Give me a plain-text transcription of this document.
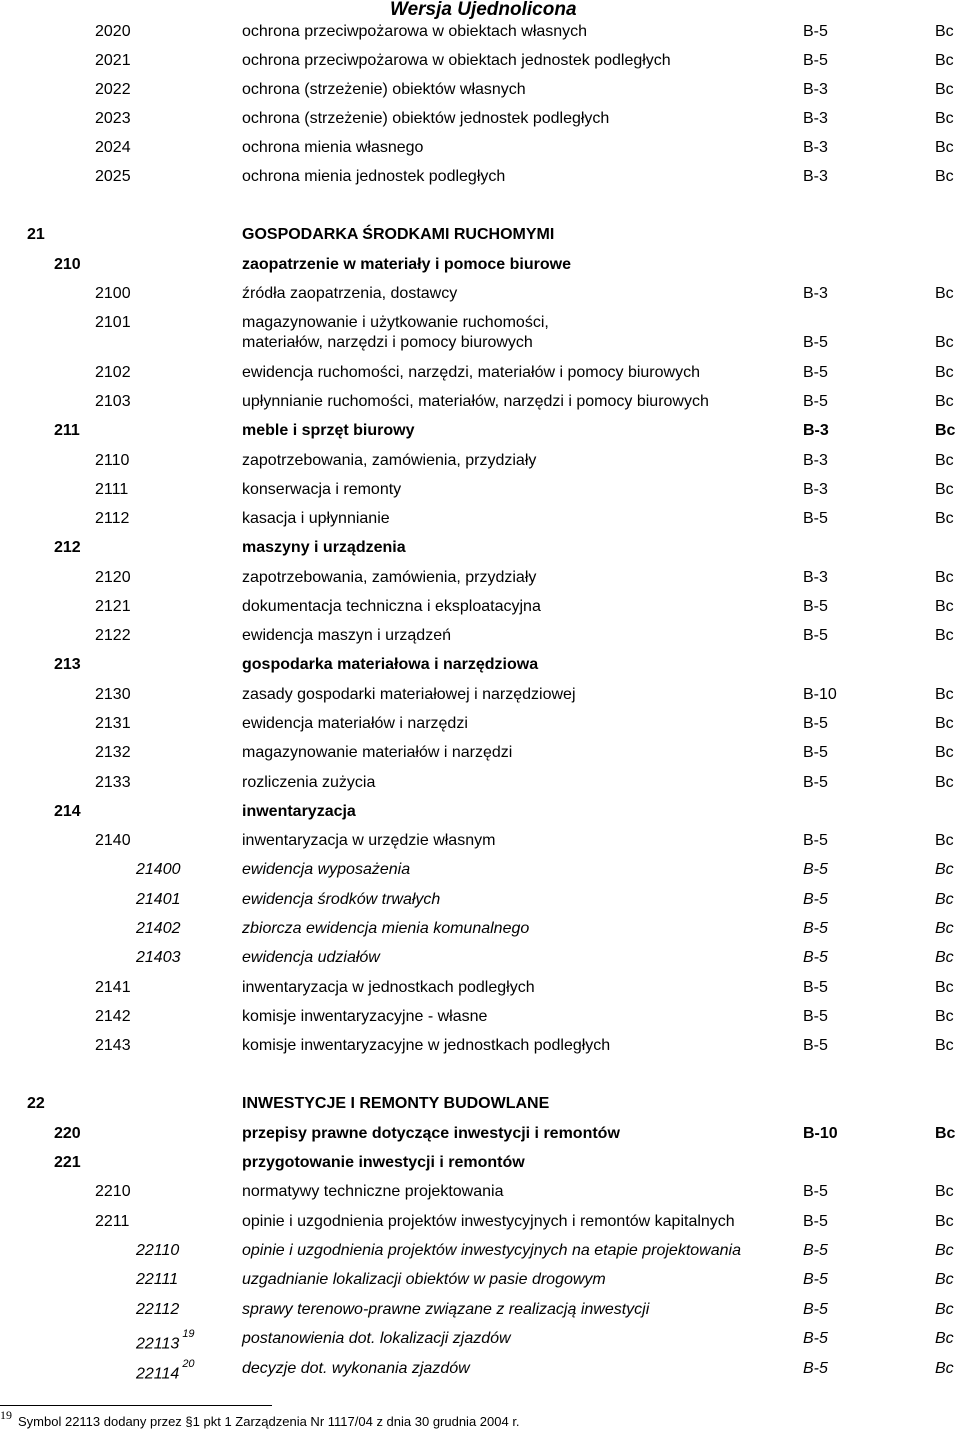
Wersja Ujednolicona
2020	ochrona przeciwpożarowa w obiektach własnych	B-5	Bc
2021	ochrona przeciwpożarowa w obiektach jednostek podległych	B-5	Bc
2022	ochrona (strzeżenie) obiektów własnych	B-3	Bc
2023	ochrona (strzeżenie) obiektów jednostek podległych	B-3	Bc
2024	ochrona mienia własnego	B-3	Bc
2025	ochrona mienia jednostek podległych	B-3	Bc
21	GOSPODARKA ŚRODKAMI RUCHOMYMI
210	zaopatrzenie w materiały i pomoce biurowe
2100	źródła zaopatrzenia, dostawcy	B-3	Bc
2101	magazynowanie i użytkowanie ruchomości,
materiałów, narzędzi i pomocy biurowych	B-5	Bc
2102	ewidencja ruchomości, narzędzi, materiałów i pomocy biurowych	B-5	Bc
2103	upłynnianie ruchomości, materiałów, narzędzi i pomocy biurowych	B-5	Bc
211	meble i sprzęt biurowy	B-3	Bc
2110	zapotrzebowania, zamówienia, przydziały	B-3	Bc
2111	konserwacja i remonty	B-3	Bc
2112	kasacja i upłynnianie	B-5	Bc
212	maszyny i urządzenia
2120	zapotrzebowania, zamówienia, przydziały	B-3	Bc
2121	dokumentacja techniczna i eksploatacyjna	B-5	Bc
2122	ewidencja maszyn i urządzeń	B-5	Bc
213	gospodarka materiałowa i narzędziowa
2130	zasady gospodarki materiałowej i narzędziowej	B-10	Bc
2131	ewidencja materiałów i narzędzi	B-5	Bc
2132	magazynowanie materiałów i narzędzi	B-5	Bc
2133	rozliczenia zużycia	B-5	Bc
214	inwentaryzacja
2140	inwentaryzacja w urzędzie własnym	B-5	Bc
21400	ewidencja wyposażenia	B-5	Bc
21401	ewidencja środków trwałych	B-5	Bc
21402	zbiorcza ewidencja mienia komunalnego	B-5	Bc
21403	ewidencja udziałów	B-5	Bc
2141	inwentaryzacja w jednostkach podległych	B-5	Bc
2142	komisje inwentaryzacyjne - własne	B-5	Bc
2143	komisje inwentaryzacyjne w jednostkach podległych	B-5	Bc
22	INWESTYCJE I REMONTY BUDOWLANE
220	przepisy prawne dotyczące inwestycji i remontów	B-10	Bc
221	przygotowanie inwestycji i remontów
2210	normatywy techniczne projektowania	B-5	Bc
2211	opinie i uzgodnienia projektów inwestycyjnych i remontów kapitalnych	B-5	Bc
22110	opinie i uzgodnienia projektów inwestycyjnych na etapie projektowania	B-5	Bc
22111	uzgadnianie lokalizacji obiektów w pasie drogowym	B-5	Bc
22112	sprawy terenowo-prawne związane z realizacją inwestycji	B-5	Bc
22113$^{19}$	postanowienia dot. lokalizacji zjazdów	B-5	Bc
22114$^{20}$	decyzje dot. wykonania zjazdów	B-5	Bc
19 Symbol 22113 dodany przez §1 pkt 1 Zarządzenia Nr 1117/04 z dnia 30 grudnia 2004 r.
